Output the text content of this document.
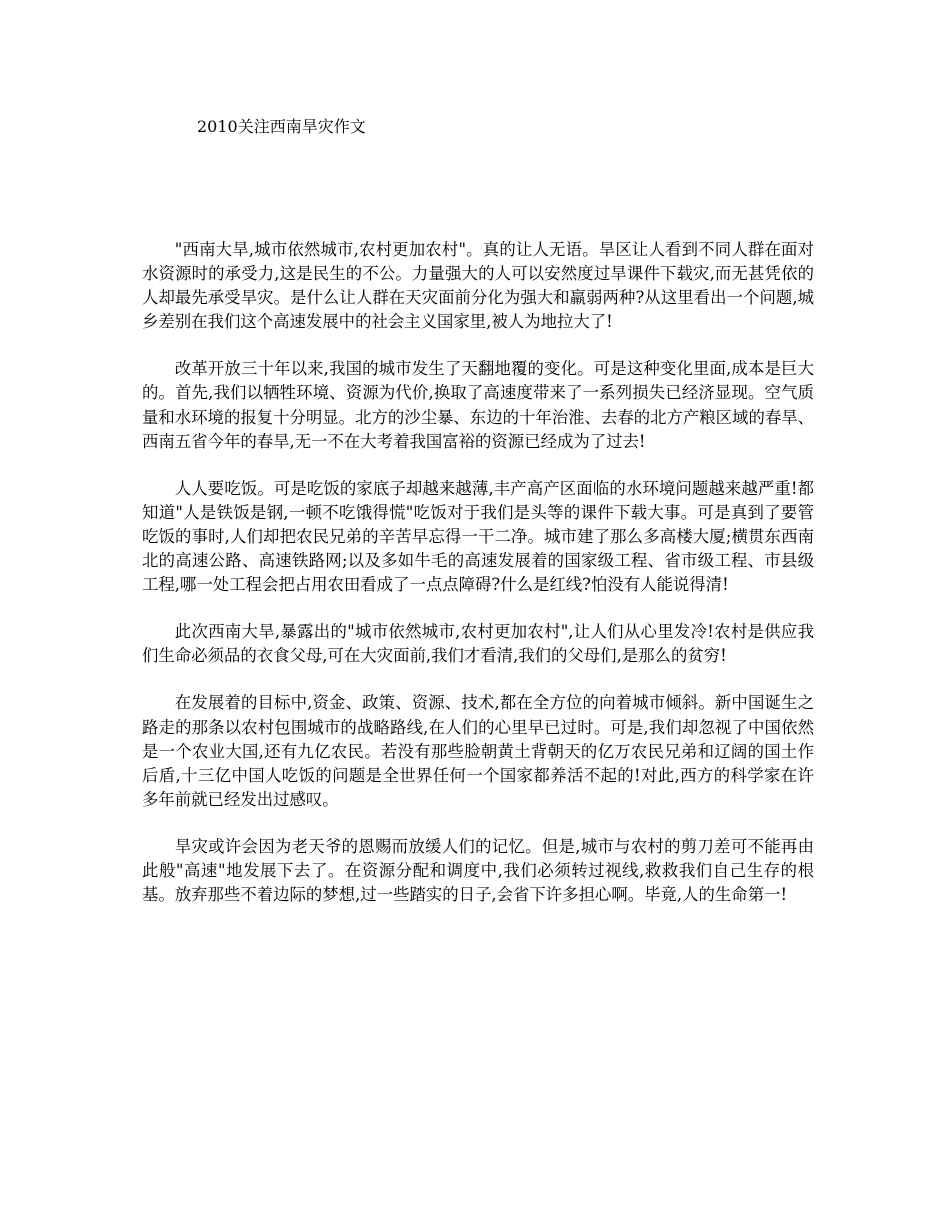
2010关注西南旱灾作文

"西南大旱,城市依然城市,农村更加农村"。真的让人无语。旱区让人看到不同人群在面对水资源时的承受力,这是民生的不公。力量强大的人可以安然度过旱课件下载灾,而无甚凭依的人却最先承受旱灾。是什么让人群在天灾面前分化为强大和羸弱两种?从这里看出一个问题,城乡差别在我们这个高速发展中的社会主义国家里,被人为地拉大了!

改革开放三十年以来,我国的城市发生了天翻地覆的变化。可是这种变化里面,成本是巨大的。首先,我们以牺牲环境、资源为代价,换取了高速度带来了一系列损失已经济显现。空气质量和水环境的报复十分明显。北方的沙尘暴、东边的十年治淮、去春的北方产粮区域的春旱、西南五省今年的春旱,无一不在大考着我国富裕的资源已经成为了过去!

人人要吃饭。可是吃饭的家底子却越来越薄,丰产高产区面临的水环境问题越来越严重!都知道"人是铁饭是钢,一顿不吃饿得慌"吃饭对于我们是头等的课件下载大事。可是真到了要管吃饭的事时,人们却把农民兄弟的辛苦早忘得一干二净。城市建了那么多高楼大厦;横贯东西南北的高速公路、高速铁路网;以及多如牛毛的高速发展着的国家级工程、省市级工程、市县级工程,哪一处工程会把占用农田看成了一点点障碍?什么是红线?怕没有人能说得清!

此次西南大旱,暴露出的"城市依然城市,农村更加农村",让人们从心里发冷!农村是供应我们生命必须品的衣食父母,可在大灾面前,我们才看清,我们的父母们,是那么的贫穷!

在发展着的目标中,资金、政策、资源、技术,都在全方位的向着城市倾斜。新中国诞生之路走的那条以农村包围城市的战略路线,在人们的心里早已过时。可是,我们却忽视了中国依然是一个农业大国,还有九亿农民。若没有那些脸朝黄土背朝天的亿万农民兄弟和辽阔的国土作后盾,十三亿中国人吃饭的问题是全世界任何一个国家都养活不起的!对此,西方的科学家在许多年前就已经发出过感叹。

旱灾或许会因为老天爷的恩赐而放缓人们的记忆。但是,城市与农村的剪刀差可不能再由此般"高速"地发展下去了。在资源分配和调度中,我们必须转过视线,救救我们自己生存的根基。放弃那些不着边际的梦想,过一些踏实的日子,会省下许多担心啊。毕竟,人的生命第一!
